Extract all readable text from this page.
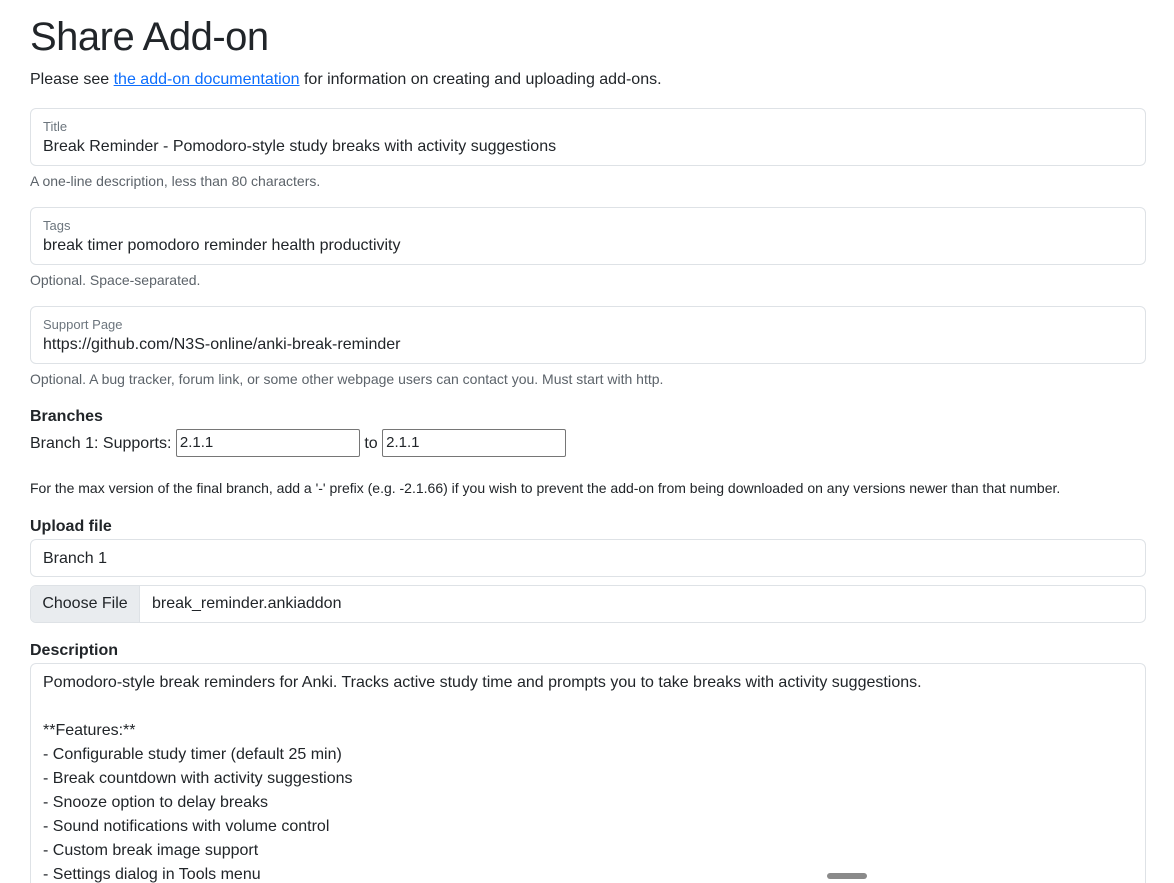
Share Add-on
Please see the add-on documentation for information on creating and uploading add-ons.
Title
Break Reminder - Pomodoro-style study breaks with activity suggestions
A one-line description, less than 80 characters.
Tags
break timer pomodoro reminder health productivity
Optional. Space-separated.
Support Page
https://github.com/N3S-online/anki-break-reminder
Optional. A bug tracker, forum link, or some other webpage users can contact you. Must start with http.
Branches
Branch 1: Supports: 2.1.1	to 2.1.1
For the max version of the final branch, add a '-' prefix (e.g. -2.1.66) if you wish to prevent the add-on from being downloaded on any versions newer than that number.
Upload file
Branch 1
Choose File	break_reminder.ankiaddon
Description
Pomodoro-style break reminders for Anki. Tracks active study time and prompts you to take breaks with activity suggestions.
**Features:**
- Configurable study timer (default 25 min)
- Break countdown with activity suggestions
- Snooze option to delay breaks
- Sound notifications with volume control
- Custom break image support
- Settings dialog in Tools menu
